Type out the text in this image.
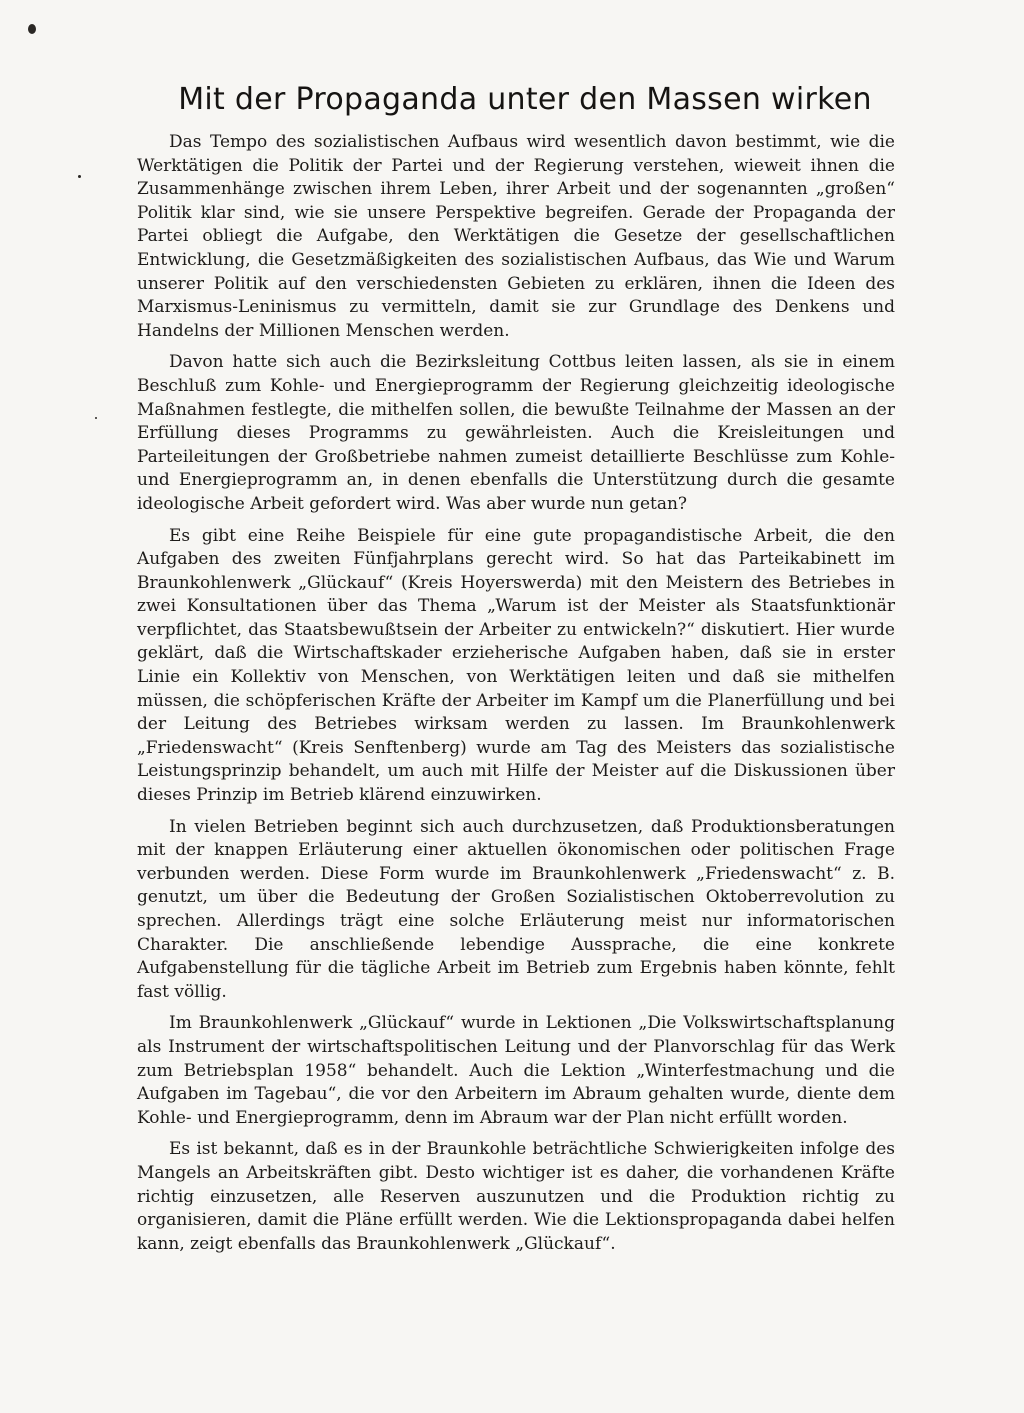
Mit der Propaganda unter den Massen wirken

Das Tempo des sozialistischen Aufbaus wird wesentlich davon bestimmt, wie die Werktätigen die Politik der Partei und der Regierung verstehen, wieweit ihnen die Zusammenhänge zwischen ihrem Leben, ihrer Arbeit und der sogenannten „großen“ Politik klar sind, wie sie unsere Perspektive begreifen. Gerade der Propaganda der Partei obliegt die Aufgabe, den Werktätigen die Gesetze der gesellschaftlichen Entwicklung, die Gesetzmäßigkeiten des sozialistischen Aufbaus, das Wie und Warum unserer Politik auf den verschiedensten Gebieten zu erklären, ihnen die Ideen des Marxismus-Leninismus zu vermitteln, damit sie zur Grundlage des Denkens und Handelns der Millionen Menschen werden.

Davon hatte sich auch die Bezirksleitung Cottbus leiten lassen, als sie in einem Beschluß zum Kohle- und Energieprogramm der Regierung gleichzeitig ideologische Maßnahmen festlegte, die mithelfen sollen, die bewußte Teilnahme der Massen an der Erfüllung dieses Programms zu gewährleisten. Auch die Kreisleitungen und Parteileitungen der Großbetriebe nahmen zumeist detaillierte Beschlüsse zum Kohle- und Energieprogramm an, in denen ebenfalls die Unterstützung durch die gesamte ideologische Arbeit gefordert wird. Was aber wurde nun getan?

Es gibt eine Reihe Beispiele für eine gute propagandistische Arbeit, die den Aufgaben des zweiten Fünfjahrplans gerecht wird. So hat das Parteikabinett im Braunkohlenwerk „Glückauf“ (Kreis Hoyerswerda) mit den Meistern des Betriebes in zwei Konsultationen über das Thema „Warum ist der Meister als Staatsfunktionär verpflichtet, das Staatsbewußtsein der Arbeiter zu entwickeln?“ diskutiert. Hier wurde geklärt, daß die Wirtschaftskader erzieherische Aufgaben haben, daß sie in erster Linie ein Kollektiv von Menschen, von Werktätigen leiten und daß sie mithelfen müssen, die schöpferischen Kräfte der Arbeiter im Kampf um die Planerfüllung und bei der Leitung des Betriebes wirksam werden zu lassen. Im Braunkohlenwerk „Friedenswacht“ (Kreis Senftenberg) wurde am Tag des Meisters das sozialistische Leistungsprinzip behandelt, um auch mit Hilfe der Meister auf die Diskussionen über dieses Prinzip im Betrieb klärend einzuwirken.

In vielen Betrieben beginnt sich auch durchzusetzen, daß Produktionsberatungen mit der knappen Erläuterung einer aktuellen ökonomischen oder politischen Frage verbunden werden. Diese Form wurde im Braunkohlenwerk „Friedenswacht“ z. B. genutzt, um über die Bedeutung der Großen Sozialistischen Oktoberrevolution zu sprechen. Allerdings trägt eine solche Erläuterung meist nur informatorischen Charakter. Die anschließende lebendige Aussprache, die eine konkrete Aufgabenstellung für die tägliche Arbeit im Betrieb zum Ergebnis haben könnte, fehlt fast völlig.

Im Braunkohlenwerk „Glückauf“ wurde in Lektionen „Die Volkswirtschaftsplanung als Instrument der wirtschaftspolitischen Leitung und der Planvorschlag für das Werk zum Betriebsplan 1958“ behandelt. Auch die Lektion „Winterfestmachung und die Aufgaben im Tagebau“, die vor den Arbeitern im Abraum gehalten wurde, diente dem Kohle- und Energieprogramm, denn im Abraum war der Plan nicht erfüllt worden.

Es ist bekannt, daß es in der Braunkohle beträchtliche Schwierigkeiten infolge des Mangels an Arbeitskräften gibt. Desto wichtiger ist es daher, die vorhandenen Kräfte richtig einzusetzen, alle Reserven auszunutzen und die Produktion richtig zu organisieren, damit die Pläne erfüllt werden. Wie die Lektionspropaganda dabei helfen kann, zeigt ebenfalls das Braunkohlenwerk „Glückauf“.
